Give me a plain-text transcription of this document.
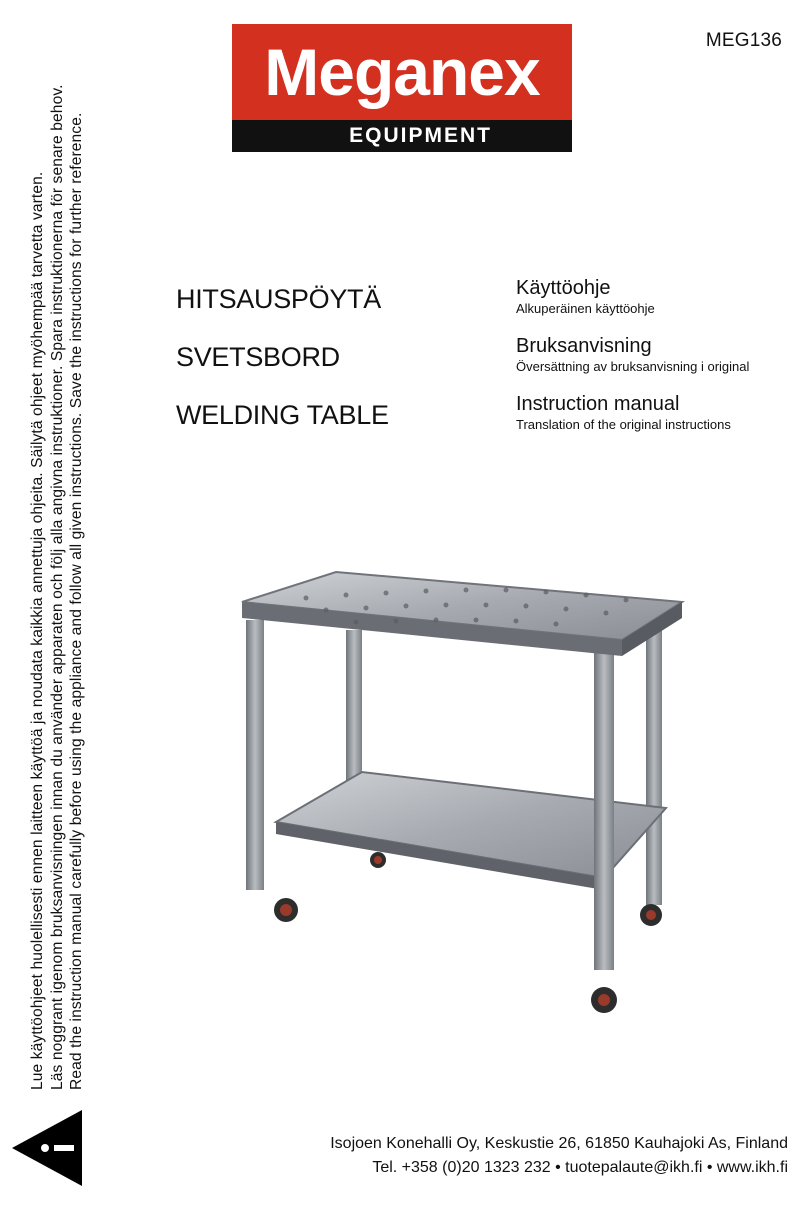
MEG136
Meganex
EQUIPMENT
Lue käyttöohjeet huolellisesti ennen laitteen käyttöä ja noudata kaikkia annettuja ohjeita. Säilytä ohjeet myöhempää tarvetta varten. Läs noggrant igenom bruksanvisningen innan du använder apparaten och följ alla angivna instruktioner. Spara instruktionerna för senare behov. Read the instruction manual carefully before using the appliance and follow all given instructions. Save the instructions for further reference.	HITSAUSPÖYTÄ
SVETSBORD
WELDING TABLE
Käyttöohje
Alkuperäinen käyttöohje
Bruksanvisning
Översättning av bruksanvisning i original
Instruction manual
Translation of the original instructions
Isojoen Konehalli Oy, Keskustie 26, 61850 Kauhajoki As, Finland
Tel. +358 (0)20 1323 232 • tuotepalaute@ikh.fi • www.ikh.fi
